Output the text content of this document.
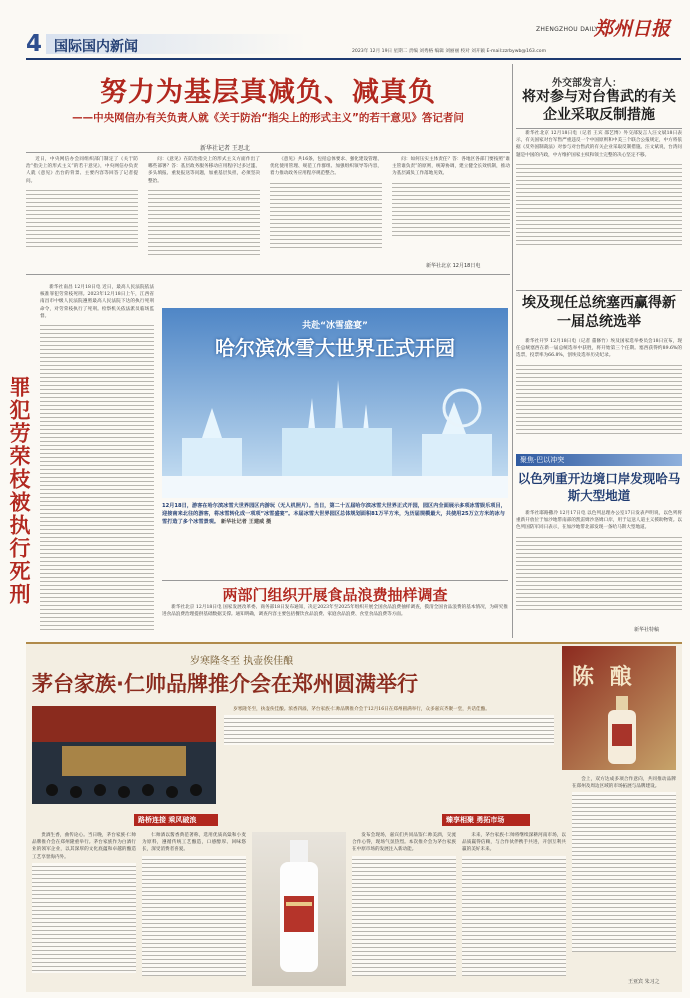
4 国际国内新闻
ZHENGZHOU DAILY
郑州日报
2023年 12月 19日 星期二 责编 刘秀格 编辑 刘丽丽 校对 刘开颖 E-mail:zzrbywb@163.com
努力为基层真减负、减真负
——中央网信办有关负责人就《关于防治“指尖上的形式主义”的若干意见》答记者问
新华社记者 王思北

近日，中央网信办会同组织部门制定了《关于防治“指尖上的形式主义”的若干意见》，中央网信办负责人就《意见》出台的背景、主要内容等回答了记者提问。

问：《意见》在防治指尖上的形式主义方面作出了哪些部署？答：基层政务服务移动应用程序过多过滥、多头填报、重复报送等问题，加重基层负担，必须坚决整治。

《意见》共16条，包括总体要求、强化建设管理、优化使用管理、规范工作群组、加强组织领导等内容，着力推动政务应用程序规范整合。

问：如何压实主体责任？答：各地区各部门要按照“谁主管谁负责”的原则，统筹协调，建立健全长效机制，推动为基层减负工作落地见效。

新华社北京 12月18日电
外交部发言人：
将对参与对台售武的有关企业采取反制措施

新华社北京 12月18日电（记者 王宾 邵艺博）外交部发言人汪文斌18日表示，有关国家对台军售严重违反一个中国原则和中美三个联合公报规定，中方将依据《反外国制裁法》对参与对台售武的有关企业采取反制措施。汪文斌说，台湾问题是中国的内政，中方维护国家主权和领土完整的决心坚定不移。

埃及现任总统塞西赢得新一届总统选举

新华社开罗 12月18日电（记者 董修竹）埃及国家选举委员会18日宣布，现任总统塞西在新一届总统选举中获胜，将开始第三个任期。塞西获得约89.6%的选票，投票率为66.8%，创埃及选举历史纪录。

聚焦·巴以冲突
以色列重开边境口岸发现哈马斯大型地道

新华社耶路撒冷 12月17日电 以色列总理办公室17日发表声明说，以色列将重新开放位于加沙地带南部的凯雷姆沙洛姆口岸，用于运送人道主义援助物资。以色列国防军同日表示，在加沙地带北部发现一条哈马斯大型地道。

新华社特稿
罪犯劳荣枝被执行死刑

新华社南昌 12月18日电 近日，最高人民法院依法核准罪犯劳荣枝死刑。2023年12月18日上午，江西省南昌市中级人民法院遵照最高人民法院下达的执行死刑命令，对劳荣枝执行了死刑。检察机关依法派员临场监督。

共赴“冰雪盛宴”
哈尔滨冰雪大世界正式开园
12月18日，游客在哈尔滨冰雪大世界园区内游玩（无人机照片）。当日，第二十五届哈尔滨冰雪大世界正式开园，园区内全面展示多项冰雪娱乐项目，迎接南来北往的游客，将冰雪转化成一项项“冰雪盛宴”。本届冰雪大世界园区总体规划面积81万平方米，为历届规模最大，共使用25万立方米的冰与雪打造了多个冰雪景观。 新华社记者 王建威 摄
两部门组织开展食品浪费抽样调查

新华社北京 12月18日电 国家发展改革委、商务部18日发布通知，决定2023年至2025年组织开展全国食品浪费抽样调查，摸清全国食品浪费的基本情况，为研究推进食品浪费治理提供基础数据支撑。通知明确，调查内容主要包括餐饮食品浪费、家庭食品浪费、食堂食品浪费等方面。

岁寒隆冬至 执壶俟佳酿
茅台家族·仁帅品牌推介会在郑州圆满举行	陈 酿

岁寒隆冬至，执壶俟佳酿。浓香四溢，茅台家族·仁帅品牌推介会于12月16日在郑州圆满举行，众多嘉宾齐聚一堂，共话佳酿。

路桥连接 乘风破浪	臻享相聚 勇拓市场

贵酒生香，曲传论心。当日晚，茅台家族·仁帅品牌推介会在郑州隆重举行。茅台家族作为白酒行业的领军企业，以其深厚的文化底蕴和卓越的酿造工艺享誉海内外。

仁帅酒以酱香典范著称，选用优质高粱和小麦为原料，遵循传统工艺酿造，口感醇厚、回味悠长，深受消费者喜爱。

发布会现场，嘉宾们共同品鉴仁帅美酒，交流合作心得，现场气氛热烈。本次推介会为茅台家族在中原市场的发展注入新动能。

未来，茅台家族·仁帅将继续深耕河南市场，以品质赢得信赖，与合作伙伴携手共进，开创互利共赢的美好未来。

会上，双方达成多项合作意向，共同推动品牌在郑州及周边区域的市场拓展与品牌建设。

王亚宾 朱习之
